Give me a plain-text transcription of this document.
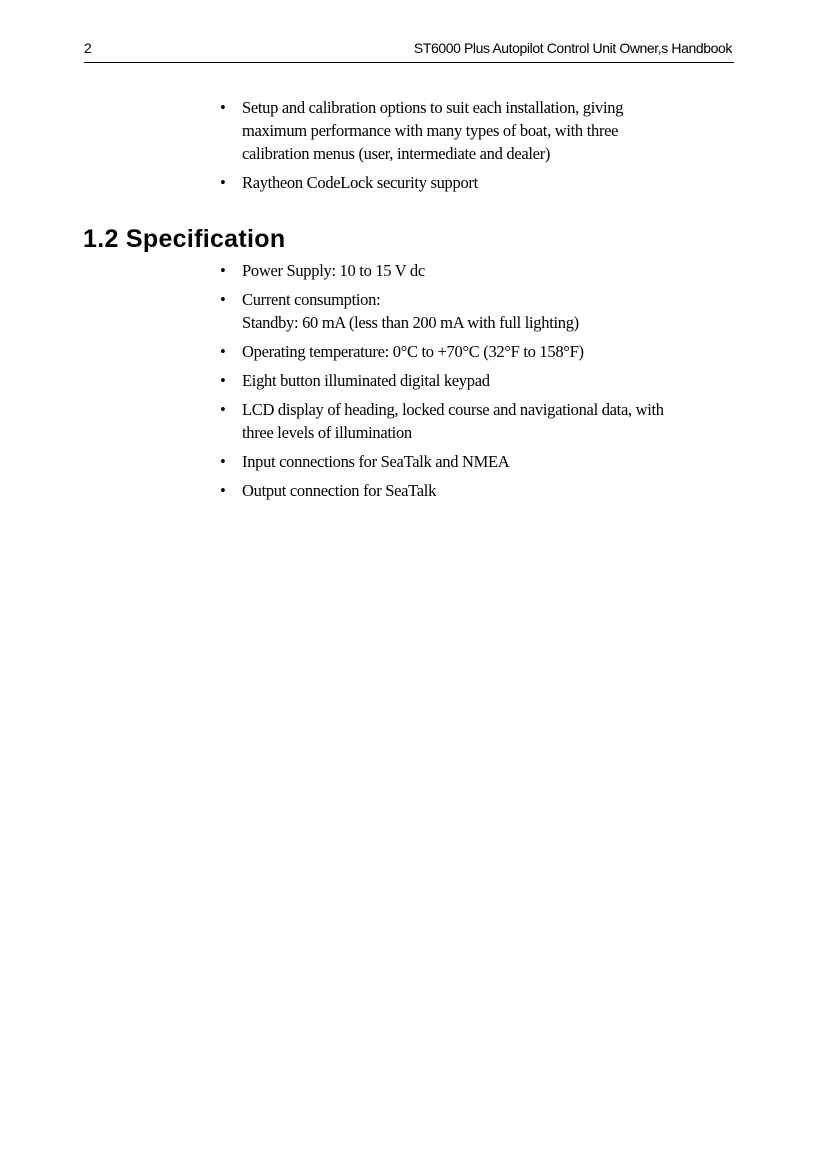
2	ST6000 Plus Autopilot Control Unit Owner,s Handbook
• Setup and calibration options to suit each installation, giving
maximum performance with many types of boat, with three
calibration menus (user, intermediate and dealer)
• Raytheon CodeLock security support
1.2 Specification
• Power Supply: 10 to 15 V dc
• Current consumption:
Standby: 60 mA (less than 200 mA with full lighting)
• Operating temperature: 0°C to +70°C (32°F to 158°F)
• Eight button illuminated digital keypad
• LCD display of heading, locked course and navigational data, with
three levels of illumination
• Input connections for SeaTalk and NMEA
• Output connection for SeaTalk
